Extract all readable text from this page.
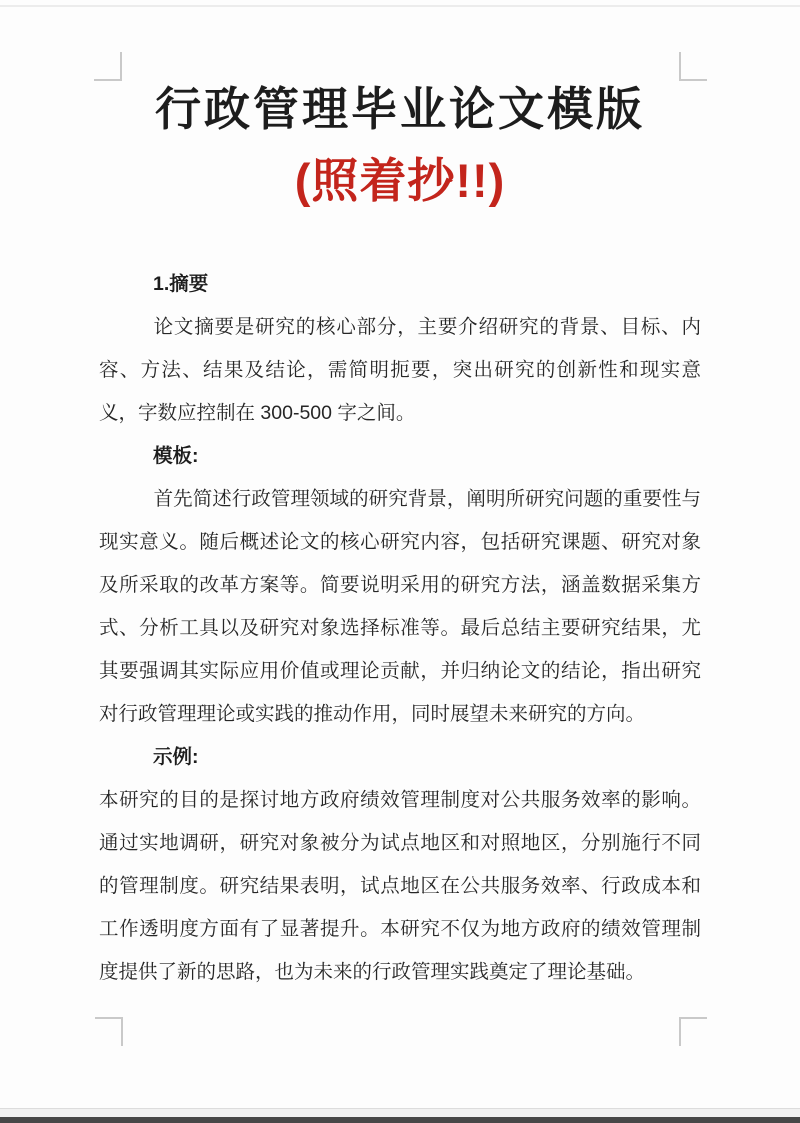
行政管理毕业论文模版
(照着抄!!)

1.摘要

论文摘要是研究的核心部分，主要介绍研究的背景、目标、内容、方法、结果及结论，需简明扼要，突出研究的创新性和现实意义，字数应控制在 300-500 字之间。

模板:

首先简述行政管理领域的研究背景，阐明所研究问题的重要性与现实意义。随后概述论文的核心研究内容，包括研究课题、研究对象及所采取的改革方案等。简要说明采用的研究方法，涵盖数据采集方式、分析工具以及研究对象选择标准等。最后总结主要研究结果，尤其要强调其实际应用价值或理论贡献，并归纳论文的结论，指出研究对行政管理理论或实践的推动作用，同时展望未来研究的方向。

示例:

本研究的目的是探讨地方政府绩效管理制度对公共服务效率的影响。通过实地调研，研究对象被分为试点地区和对照地区，分别施行不同的管理制度。研究结果表明，试点地区在公共服务效率、行政成本和工作透明度方面有了显著提升。本研究不仅为地方政府的绩效管理制度提供了新的思路，也为未来的行政管理实践奠定了理论基础。
